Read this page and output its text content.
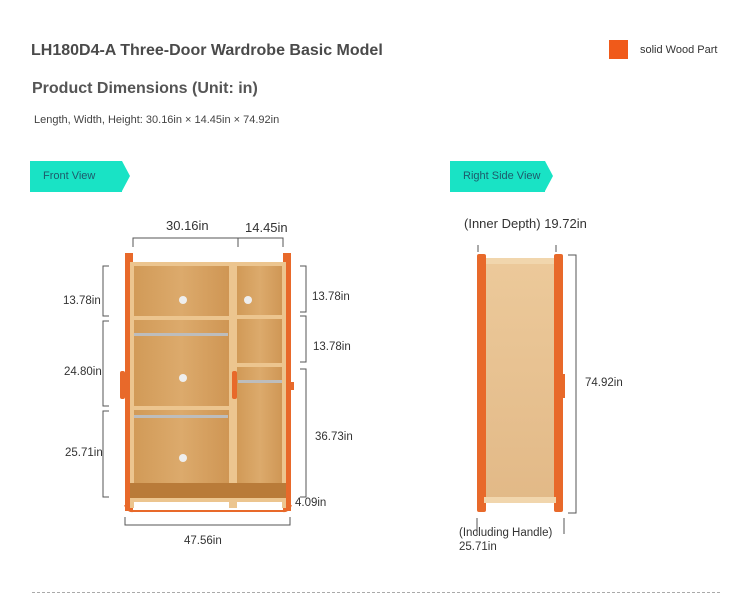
LH180D4-A Three-Door Wardrobe Basic Model
Product Dimensions (Unit: in)
Length, Width, Height: 30.16in × 14.45in × 74.92in
solid Wood Part
Front View	Right Side View
30.16in	14.45in
13.78in
24.80in
25.71in
13.78in
13.78in
36.73in
4.09in
47.56in
(Inner Depth) 19.72in
74.92in
(Including Handle)
25.71in
